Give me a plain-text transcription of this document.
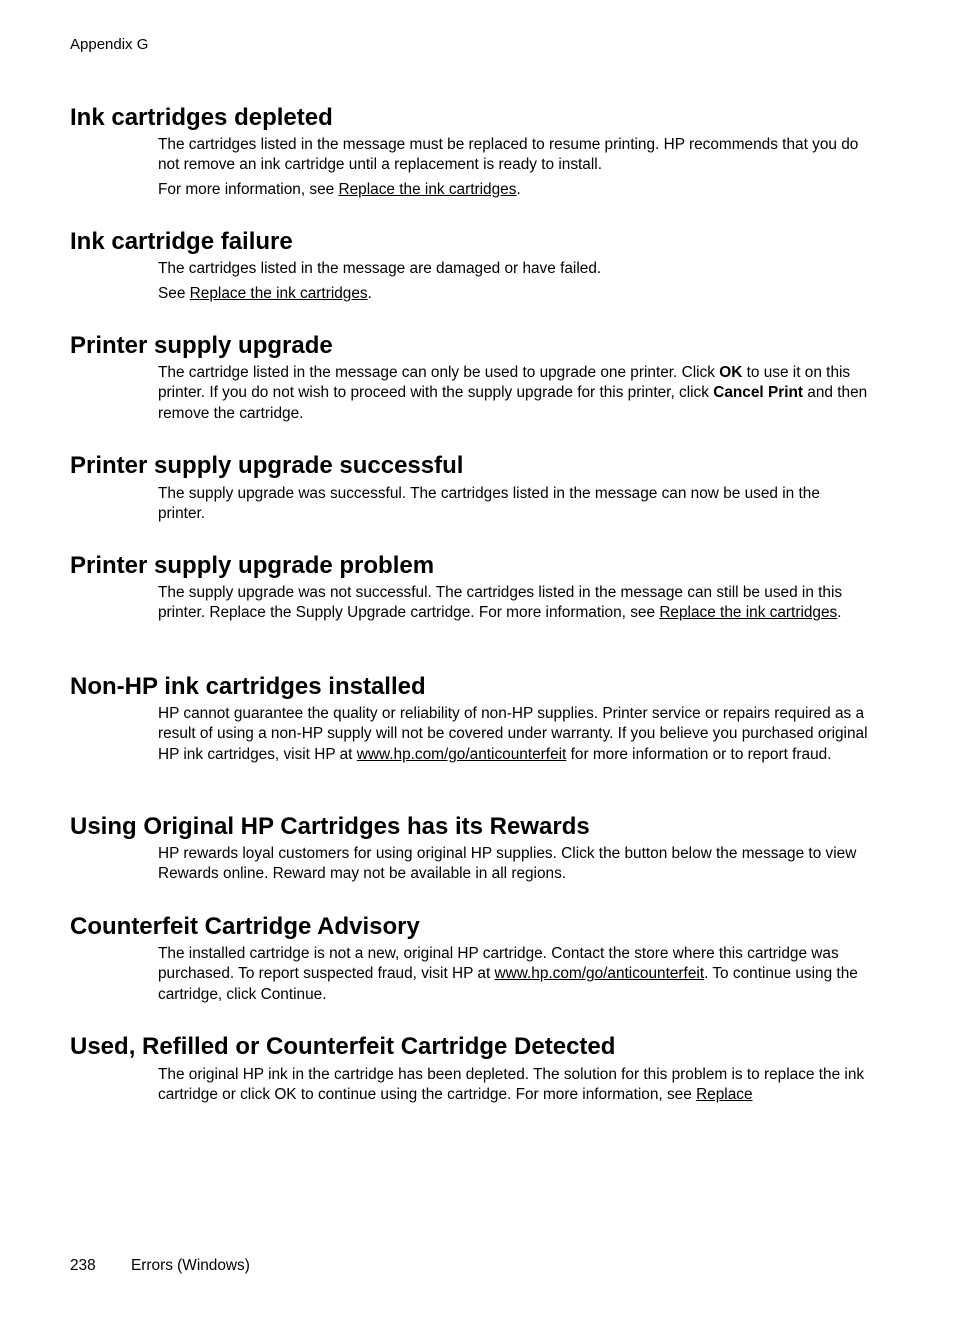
Appendix G
Ink cartridges depleted

The cartridges listed in the message must be replaced to resume printing. HP recommends that you do not remove an ink cartridge until a replacement is ready to install.

For more information, see Replace the ink cartridges.

Ink cartridge failure

The cartridges listed in the message are damaged or have failed.

See Replace the ink cartridges.

Printer supply upgrade

The cartridge listed in the message can only be used to upgrade one printer. Click OK to use it on this printer. If you do not wish to proceed with the supply upgrade for this printer, click Cancel Print and then remove the cartridge.

Printer supply upgrade successful

The supply upgrade was successful. The cartridges listed in the message can now be used in the printer.

Printer supply upgrade problem

The supply upgrade was not successful. The cartridges listed in the message can still be used in this printer. Replace the Supply Upgrade cartridge. For more information, see Replace the ink cartridges.

Non-HP ink cartridges installed

HP cannot guarantee the quality or reliability of non-HP supplies. Printer service or repairs required as a result of using a non-HP supply will not be covered under warranty. If you believe you purchased original HP ink cartridges, visit HP at www.hp.com/go/anticounterfeit for more information or to report fraud.

Using Original HP Cartridges has its Rewards

HP rewards loyal customers for using original HP supplies. Click the button below the message to view Rewards online. Reward may not be available in all regions.

Counterfeit Cartridge Advisory

The installed cartridge is not a new, original HP cartridge. Contact the store where this cartridge was purchased. To report suspected fraud, visit HP at www.hp.com/go/anticounterfeit. To continue using the cartridge, click Continue.

Used, Refilled or Counterfeit Cartridge Detected

The original HP ink in the cartridge has been depleted. The solution for this problem is to replace the ink cartridge or click OK to continue using the cartridge. For more information, see Replace

238 Errors (Windows)
